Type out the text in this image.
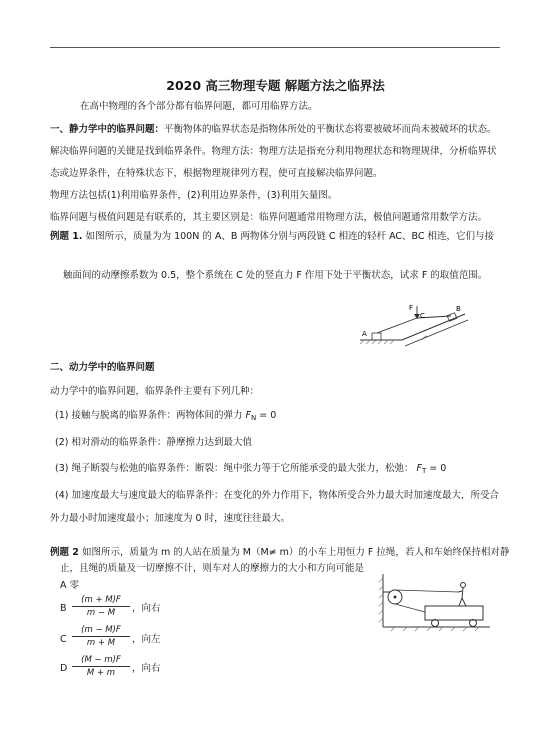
2020 高三物理专题 解题方法之临界法
在高中物理的各个部分都有临界问题，都可用临界方法。
一、静力学中的临界问题：平衡物体的临界状态是指物体所处的平衡状态将要被破坏而尚未被破坏的状态。
解决临界问题的关键是找到临界条件。物理方法：物理方法是指充分利用物理状态和物理规律，分析临界状
态或边界条件，在特殊状态下，根据物理规律列方程，使可直接解决临界问题。
物理方法包括(1)利用临界条件，(2)利用边界条件，(3)利用矢量图。
临界问题与极值问题是有联系的，其主要区别是：临界问题通常用物理方法，极值问题通常用数学方法。
例题 1. 如图所示，质量为为 100N 的 A、B 两物体分别与两段链 C 相连的轻杆 AC、BC 相连，它们与接
触面间的动摩擦系数为 0.5，整个系统在 C 处的竖直力 F 作用下处于平衡状态，试求 F 的取值范围。
F
C
B
A
二、动力学中的临界问题
动力学中的临界问题，临界条件主要有下列几种：
(1) 接触与脱离的临界条件：两物体间的弹力 $F_N = 0$
(2) 相对滑动的临界条件：静摩擦力达到最大值
(3) 绳子断裂与松弛的临界条件：断裂：绳中张力等于它所能承受的最大张力，松弛： $F_T = 0$
(4) 加速度最大与速度最大的临界条件：在变化的外力作用下，物体所受合外力最大时加速度最大，所受合
外力最小时加速度最小；加速度为 0 时，速度往往最大。
例题 2 如图所示，质量为 m 的人站在质量为 M（M≠ m）的小车上用恒力 F 拉绳，若人和车始终保持相对静
止，且绳的质量及一切摩擦不计，则车对人的摩擦力的大小和方向可能是
A 零
B
(m + M)F
m − M	，向右
C
(m − M)F
m + M	，向左
D
(M − m)F
M + m	，向右
